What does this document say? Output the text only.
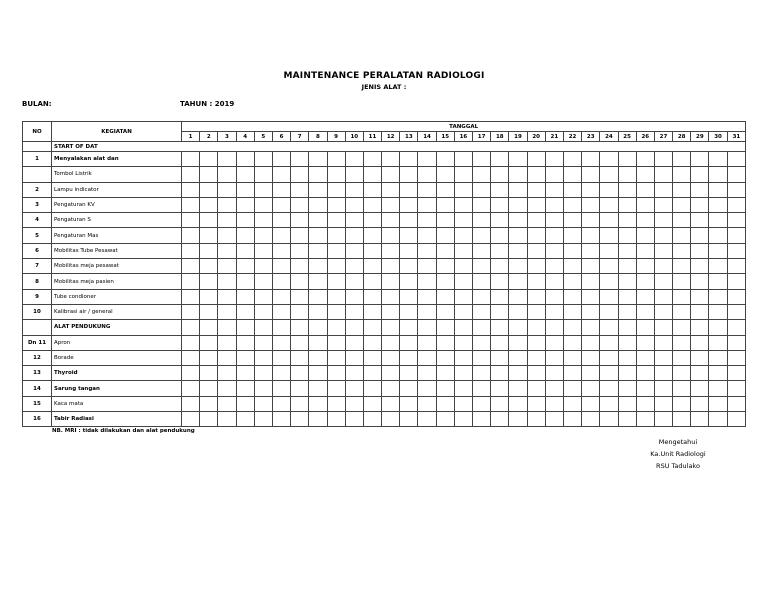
MAINTENANCE PERALATAN RADIOLOGI
JENIS ALAT :
BULAN:	TAHUN : 2019
NO	KEGIATAN	TANGGAL																														
		1	2	3	4	5	6	7	8	9	10	11	12	13	14	15	16	17	18	19	20	21	22	23	24	25	26	27	28	29	30	31
	START OF DAT																															
1	Menyalakan alat dan																															
	Tombol Listrik																															
2	Lampu indicator																															
3	Pengaturan KV																															
4	Pengaturan S																															
5	Pengaturan Mas																															
6	Mobilitas Tube Pesawat																															
7	Mobilitas meja pesawat																															
8	Mobilitas meja pasien																															
9	Tube condioner																															
10	Kalibrasi air / general																															
	ALAT PENDUKUNG																															
Dn 11	Apron																															
12	Borade																															
13	Thyroid																															
14	Sarung tangan																															
15	Kaca mata																															
16	Tabir Radiasi																															
NB. MRI : tidak dilakukan dan alat pendukung
Mengetahui
Ka.Unit Radiologi
RSU Tadulako
